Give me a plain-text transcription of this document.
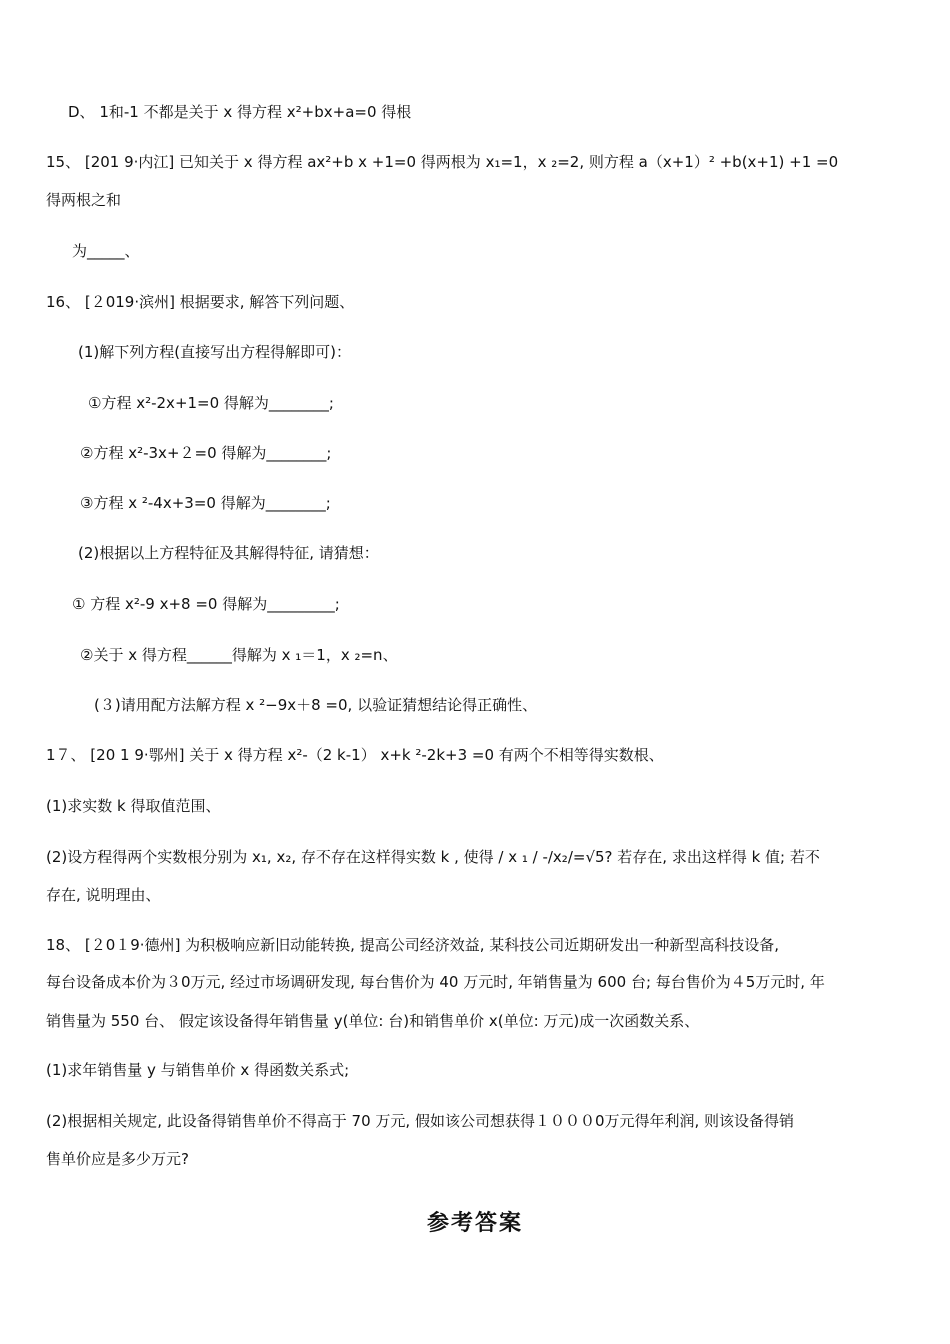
D、 1和-1 不都是关于 x 得方程 x²+bx+a=0 得根
15、 [201 9·内江] 已知关于 x 得方程 ax²+b x +1=0 得两根为 x₁=1，x ₂=2, 则方程 a（x+1）² +b(x+1) +1 =0
得两根之和
为_____、
16、 [２019·滨州] 根据要求, 解答下列问题、
(1)解下列方程(直接写出方程得解即可)：
①方程 x²-2x+1=0 得解为________;
②方程 x²-3x+２=0 得解为________;
③方程 x ²-4x+3=0 得解为________;
(2)根据以上方程特征及其解得特征, 请猜想：
① 方程 x²-9 x+8 =0 得解为_________;
②关于 x 得方程______得解为 x ₁＝1，x ₂=n、
(３)请用配方法解方程 x ²−9x＋8 =0, 以验证猜想结论得正确性、
1７、 [20 1 9·鄂州] 关于 x 得方程 x²-（2 k-1） x+k ²-2k+3 =0 有两个不相等得实数根、
(1)求实数 k 得取值范围、
(2)设方程得两个实数根分别为 x₁, x₂, 存不存在这样得实数 k , 使得 / x ₁ / -/x₂/=√5? 若存在, 求出这样得 k 值; 若不
存在, 说明理由、
18、 [２0１9·德州] 为积极响应新旧动能转换, 提高公司经济效益, 某科技公司近期研发出一种新型高科技设备,
每台设备成本价为３0万元, 经过市场调研发现, 每台售价为 40 万元时, 年销售量为 600 台; 每台售价为４5万元时, 年
销售量为 550 台、 假定该设备得年销售量 y(单位: 台)和销售单价 x(单位: 万元)成一次函数关系、
(1)求年销售量 y 与销售单价 x 得函数关系式;
(2)根据相关规定, 此设备得销售单价不得高于 70 万元, 假如该公司想获得１０００0万元得年利润, 则该设备得销
售单价应是多少万元?
参考答案
